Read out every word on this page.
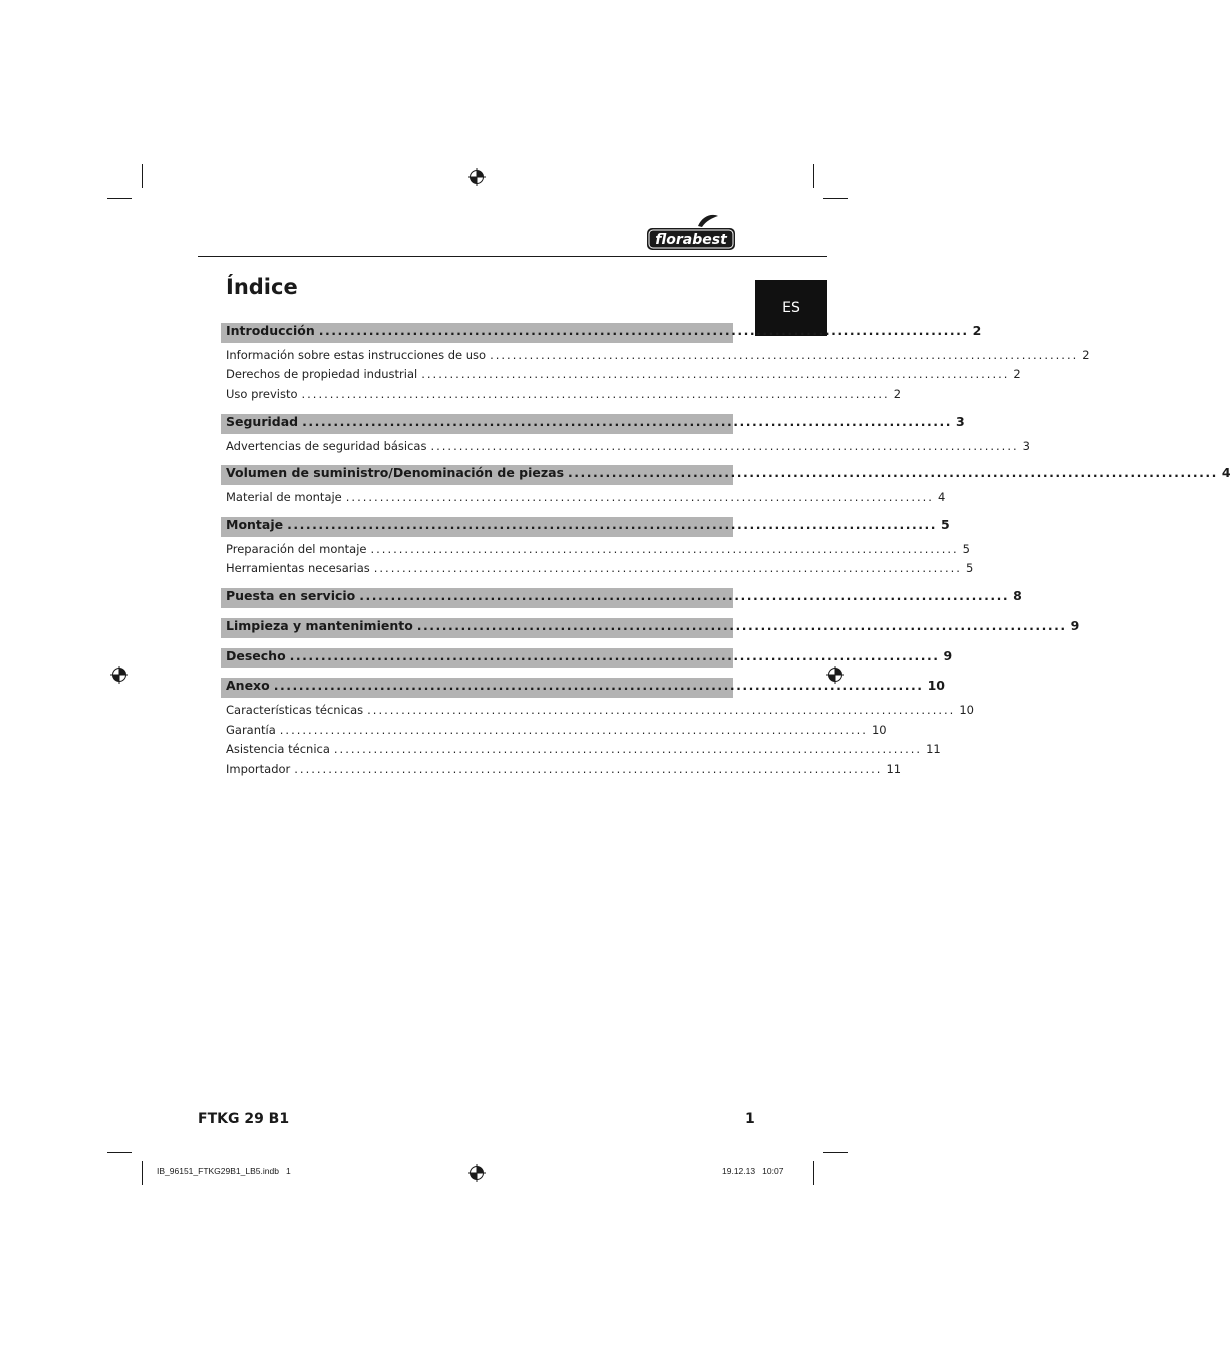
florabest
Índice
ES
Introducción ........................................................................................................ 2
Información sobre estas instrucciones de uso ........................................................................................................ 2
Derechos de propiedad industrial ........................................................................................................ 2
Uso previsto ........................................................................................................ 2
Seguridad ........................................................................................................ 3
Advertencias de seguridad básicas ........................................................................................................ 3
Volumen de suministro/Denominación de piezas ........................................................................................................ 4
Material de montaje ........................................................................................................ 4
Montaje ........................................................................................................ 5
Preparación del montaje ........................................................................................................ 5
Herramientas necesarias ........................................................................................................ 5
Puesta en servicio ........................................................................................................ 8
Limpieza y mantenimiento ........................................................................................................ 9
Desecho ........................................................................................................ 9
Anexo ........................................................................................................ 10
Características técnicas ........................................................................................................ 10
Garantía ........................................................................................................ 10
Asistencia técnica ........................................................................................................ 11
Importador ........................................................................................................ 11
FTKG 29 B1	1
IB_96151_FTKG29B1_LB5.indb   1	19.12.13   10:07
